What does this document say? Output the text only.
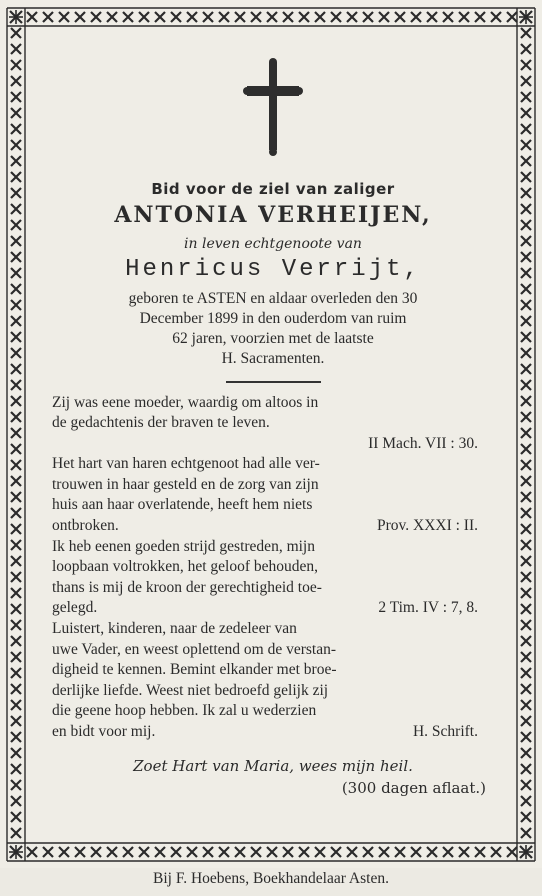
Bid voor de ziel van zaliger
ANTONIA VERHEIJEN,
in leven echtgenoote van
Henricus Verrijt,
geboren te ASTEN en aldaar overleden den 30
December 1899 in den ouderdom van ruim
62 jaren, voorzien met de laatste
H. Sacramenten.
Zij was eene moeder, waardig om altoos in
de gedachtenis der braven te leven.
II Mach. VII : 30.
Het hart van haren echtgenoot had alle ver-
trouwen in haar gesteld en de zorg van zijn
huis aan haar overlatende, heeft hem niets
ontbroken.	Prov. XXXI : II.
Ik heb eenen goeden strijd gestreden, mijn
loopbaan voltrokken, het geloof behouden,
thans is mij de kroon der gerechtigheid toe-
gelegd.	2 Tim. IV : 7, 8.
Luistert, kinderen, naar de zedeleer van
uwe Vader, en weest oplettend om de verstan-
digheid te kennen. Bemint elkander met broe-
derlijke liefde. Weest niet bedroefd gelijk zij
die geene hoop hebben. Ik zal u wederzien
en bidt voor mij.	H. Schrift.
Zoet Hart van Maria, wees mijn heil.
(300 dagen aflaat.)
Bij F. Hoebens, Boekhandelaar Asten.
